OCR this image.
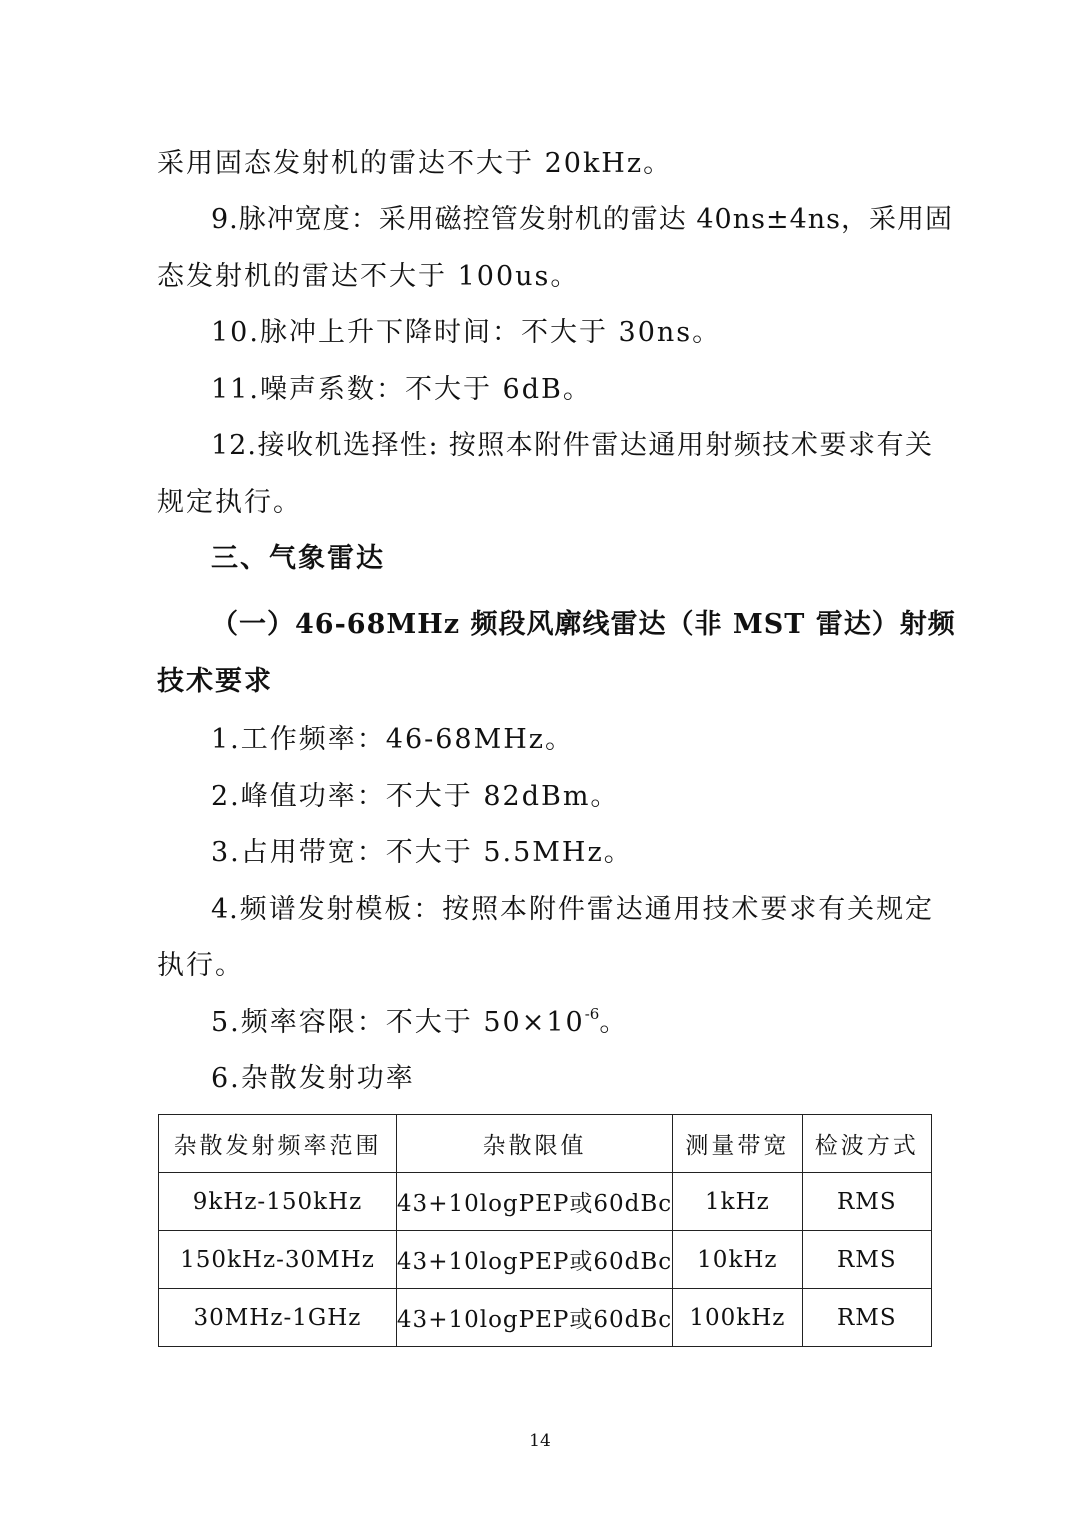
采用固态发射机的雷达不大于 20kHz。
9.脉冲宽度：采用磁控管发射机的雷达 40ns±4ns，采用固
态发射机的雷达不大于 100us。
10.脉冲上升下降时间：不大于 30ns。
11.噪声系数：不大于 6dB。
12.接收机选择性: 按照本附件雷达通用射频技术要求有关
规定执行。
三、气象雷达
（一）46-68MHz 频段风廓线雷达（非 MST 雷达）射频
技术要求
1.工作频率：46-68MHz。
2.峰值功率：不大于 82dBm。
3.占用带宽：不大于 5.5MHz。
4.频谱发射模板：按照本附件雷达通用技术要求有关规定
执行。
5.频率容限：不大于 $50\times 10^{-6}$。
6.杂散发射功率
杂散发射频率范围	杂散限值	测量带宽	检波方式
9kHz-150kHz	43+10logPEP或60dBc	1kHz	RMS
150kHz-30MHz	43+10logPEP或60dBc	10kHz	RMS
30MHz-1GHz	43+10logPEP或60dBc	100kHz	RMS
14
